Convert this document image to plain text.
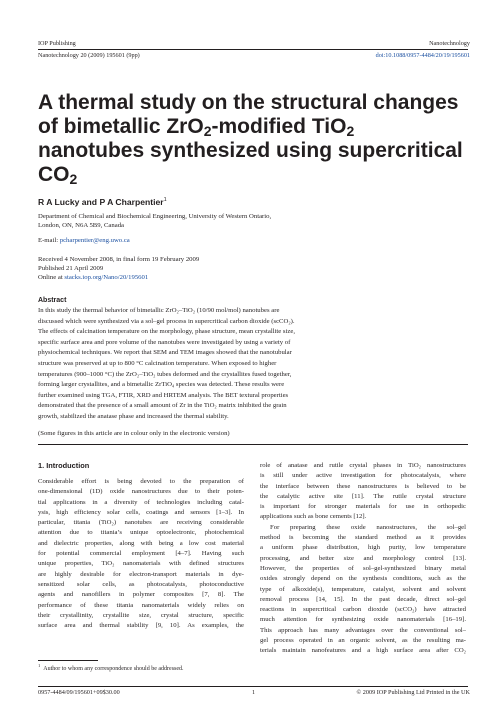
IOP Publishing	Nanotechnology
Nanotechnology 20 (2009) 195601 (9pp)	doi:10.1088/0957-4484/20/19/195601
A thermal study on the structural changes
of bimetallic ZrO$_2$-modified TiO$_2$
nanotubes synthesized using supercritical
$CO_2$
R A Lucky and P A Charpentier$^1$
Department of Chemical and Biochemical Engineering, University of Western Ontario,
London, ON, N6A 5B9, Canada
E-mail: pcharpentier@eng.uwo.ca
Received 4 November 2008, in final form 19 February 2009
Published 21 April 2009
Online at stacks.iop.org/Nano/20/195601
Abstract
In this study the thermal behavior of bimetallic ZrO₂–TiO₂ (10/90 mol/mol) nanotubes are
discussed which were synthesized via a sol–gel process in supercritical carbon dioxide (scCO₂).
The effects of calcination temperature on the morphology, phase structure, mean crystallite size,
specific surface area and pore volume of the nanotubes were investigated by using a variety of
physiochemical techniques. We report that SEM and TEM images showed that the nanotubular
structure was preserved at up to 800 °C calcination temperature. When exposed to higher
temperatures (900–1000 °C) the ZrO₂–TiO₂ tubes deformed and the crystallites fused together,
forming larger crystallites, and a bimetallic ZrTiO₄ species was detected. These results were
further examined using TGA, FTIR, XRD and HRTEM analysis. The BET textural properties
demonstrated that the presence of a small amount of Zr in the TiO₂ matrix inhibited the grain
growth, stabilized the anatase phase and increased the thermal stability.
(Some figures in this article are in colour only in the electronic version)
1. Introduction
Considerable effort is being devoted to the preparation of
one-dimensional (1D) oxide nanostructures due to their poten-
tial applications in a diversity of technologies including catal-
ysis, high efficiency solar cells, coatings and sensors [1–3]. In
particular, titania (TiO₂) nanotubes are receiving considerable
attention due to titania’s unique optoelectronic, photochemical
and dielectric properties, along with being a low cost material
for potential commercial employment [4–7]. Having such
unique properties, TiO₂ nanomaterials with defined structures
are highly desirable for electron-transport materials in dye-
sensitized solar cells, as photocatalysts, photoconductive
agents and nanofillers in polymer composites [7, 8]. The
performance of these titania nanomaterials widely relies on
their crystallinity, crystallite size, crystal structure, specific
surface area and thermal stability [9, 10]. As examples, the
role of anatase and rutile crystal phases in TiO₂ nanostructures
is still under active investigation for photocatalysis, where
the interface between these nanostructures is believed to be
the catalytic active site [11]. The rutile crystal structure
is important for stronger materials for use in orthopedic
applications such as bone cements [12].
For preparing these oxide nanostructures, the sol–gel
method is becoming the standard method as it provides
a uniform phase distribution, high purity, low temperature
processing, and better size and morphology control [13].
However, the properties of sol–gel-synthesized binary metal
oxides strongly depend on the synthesis conditions, such as the
type of alkoxide(s), temperature, catalyst, solvent and solvent
removal process [14, 15]. In the past decade, direct sol–gel
reactions in supercritical carbon dioxide (scCO₂) have attracted
much attention for synthesizing oxide nanomaterials [16–19].
This approach has many advantages over the conventional sol–
gel process operated in an organic solvent, as the resulting ma-
terials maintain nanofeatures and a high surface area after CO₂
$^1$  Author to whom any correspondence should be addressed.
0957-4484/09/195601+09$30.00	1	© 2009 IOP Publishing Ltd Printed in the UK
